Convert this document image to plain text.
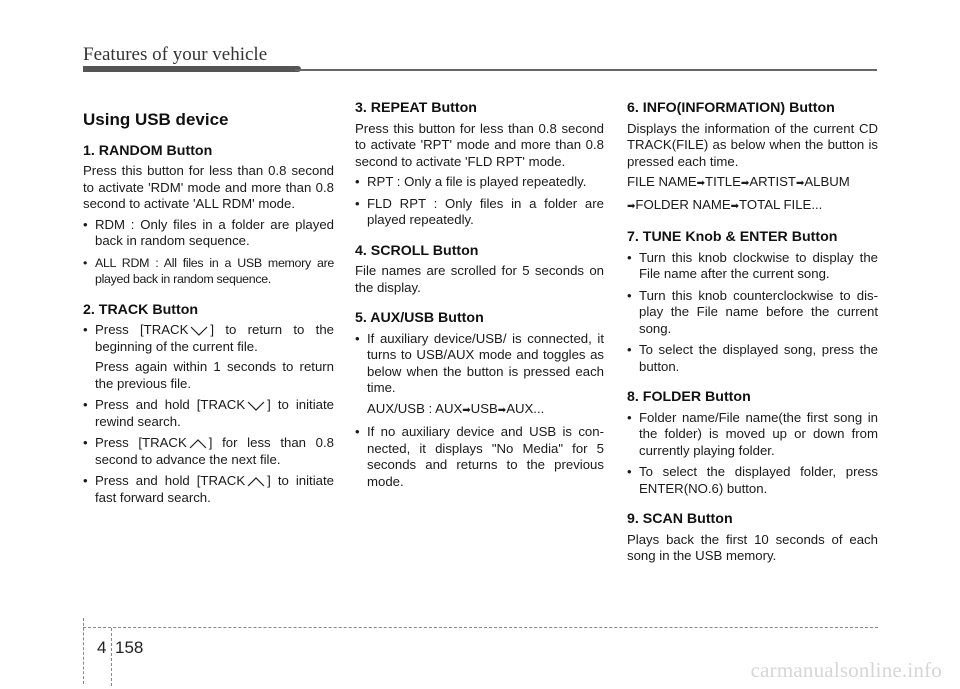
Features of your vehicle
Using USB device
1. RANDOM Button

Press this button for less than 0.8 second to activate 'RDM' mode and more than 0.8 second to activate 'ALL RDM' mode.

• RDM : Only files in a folder are played back in random sequence.
• ALL RDM : All files in a USB memory are played back in random sequence.
2. TRACK Button
• Press [TRACK ] to return to the beginning of the current file.
Press again within 1 seconds to return the previous file.
• Press and hold [TRACK ] to initiate rewind search.
• Press [TRACK ] for less than 0.8 second to advance the next file.
• Press and hold [TRACK ] to initiate fast forward search.
3. REPEAT Button

Press this button for less than 0.8 second to activate 'RPT' mode and more than 0.8 second to activate 'FLD RPT' mode.

• RPT : Only a file is played repeatedly.
• FLD RPT : Only files in a folder are played repeatedly.
4. SCROLL Button

File names are scrolled for 5 seconds on the display.

5. AUX/USB Button
• If auxiliary device/USB/ is connected, it turns to USB/AUX mode and toggles as below when the button is pressed each time.
AUX/USB : AUX➡USB➡AUX...
• If no auxiliary device and USB is con- nected, it displays "No Media" for 5 seconds and returns to the previous mode.
6. INFO(INFORMATION) Button

Displays the information of the current CD TRACK(FILE) as below when the button is pressed each time.

FILE NAME➡TITLE➡ARTIST➡ALBUM

➡FOLDER NAME➡TOTAL FILE...

7. TUNE Knob & ENTER Button
• Turn this knob clockwise to display the File name after the current song.
• Turn this knob counterclockwise to dis- play the File name before the current song.
• To select the displayed song, press the button.
8. FOLDER Button
• Folder name/File name(the first song in the folder) is moved up or down from currently playing folder.
• To select the displayed folder, press ENTER(NO.6) button.
9. SCAN Button

Plays back the first 10 seconds of each song in the USB memory.

4 158
carmanualsonline.info
